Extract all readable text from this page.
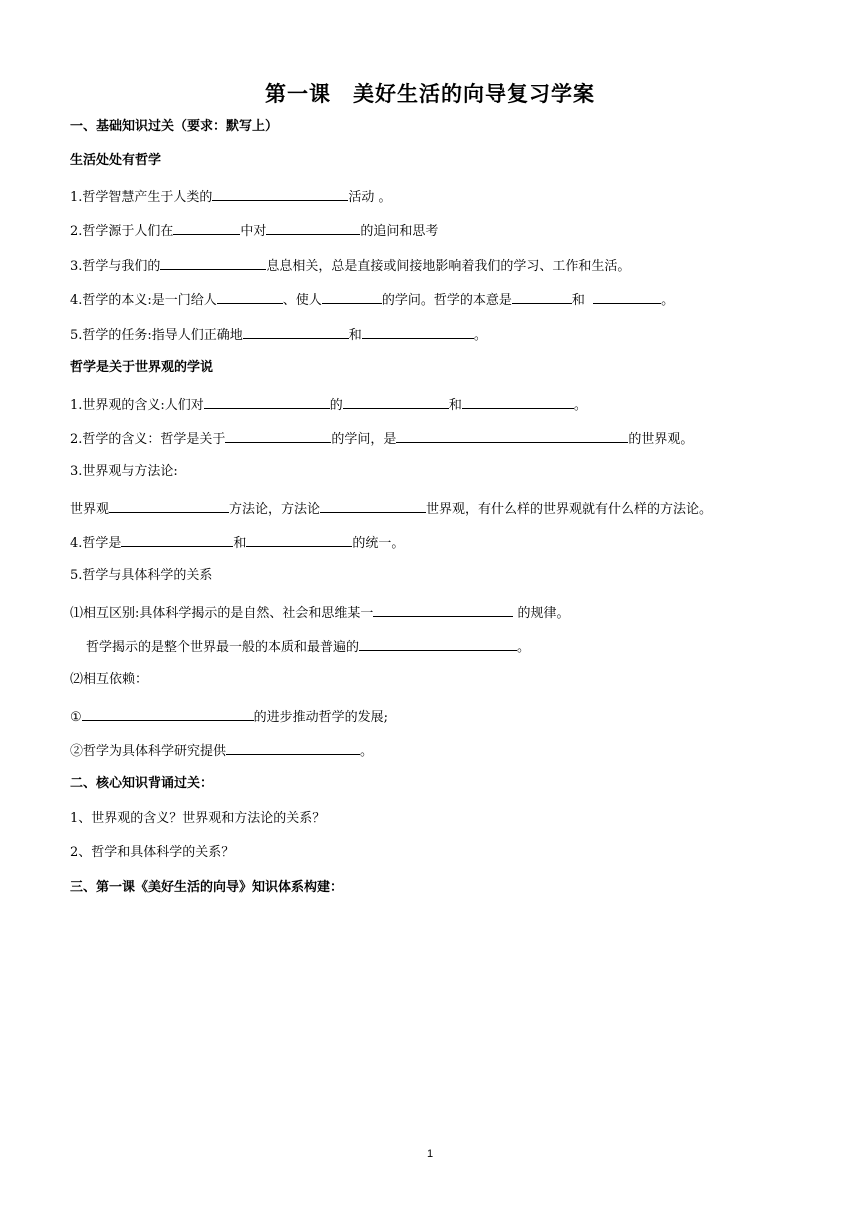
第一课　美好生活的向导复习学案
一、基础知识过关（要求：默写上）
生活处处有哲学
1.哲学智慧产生于人类的	活动 。
2.哲学源于人们在	中对	的追问和思考
3.哲学与我们的	息息相关，总是直接或间接地影响着我们的学习、工作和生活。
4.哲学的本义:是一门给人	、使人	的学问。哲学的本意是	和	。
5.哲学的任务:指导人们正确地	和	。
哲学是关于世界观的学说
1.世界观的含义:人们对	的	和	。
2.哲学的含义：哲学是关于	的学问，是	的世界观。
3.世界观与方法论:
世界观	方法论，方法论	世界观，有什么样的世界观就有什么样的方法论。
4.哲学是	和	的统一。
5.哲学与具体科学的关系
⑴相互区别:具体科学揭示的是自然、社会和思维某一	的规律。
哲学揭示的是整个世界最一般的本质和最普遍的	。
⑵相互依赖：
①	的进步推动哲学的发展;
②哲学为具体科学研究提供	。
二、核心知识背诵过关：
1、世界观的含义？世界观和方法论的关系？
2、哲学和具体科学的关系？
三、第一课《美好生活的向导》知识体系构建：
1
